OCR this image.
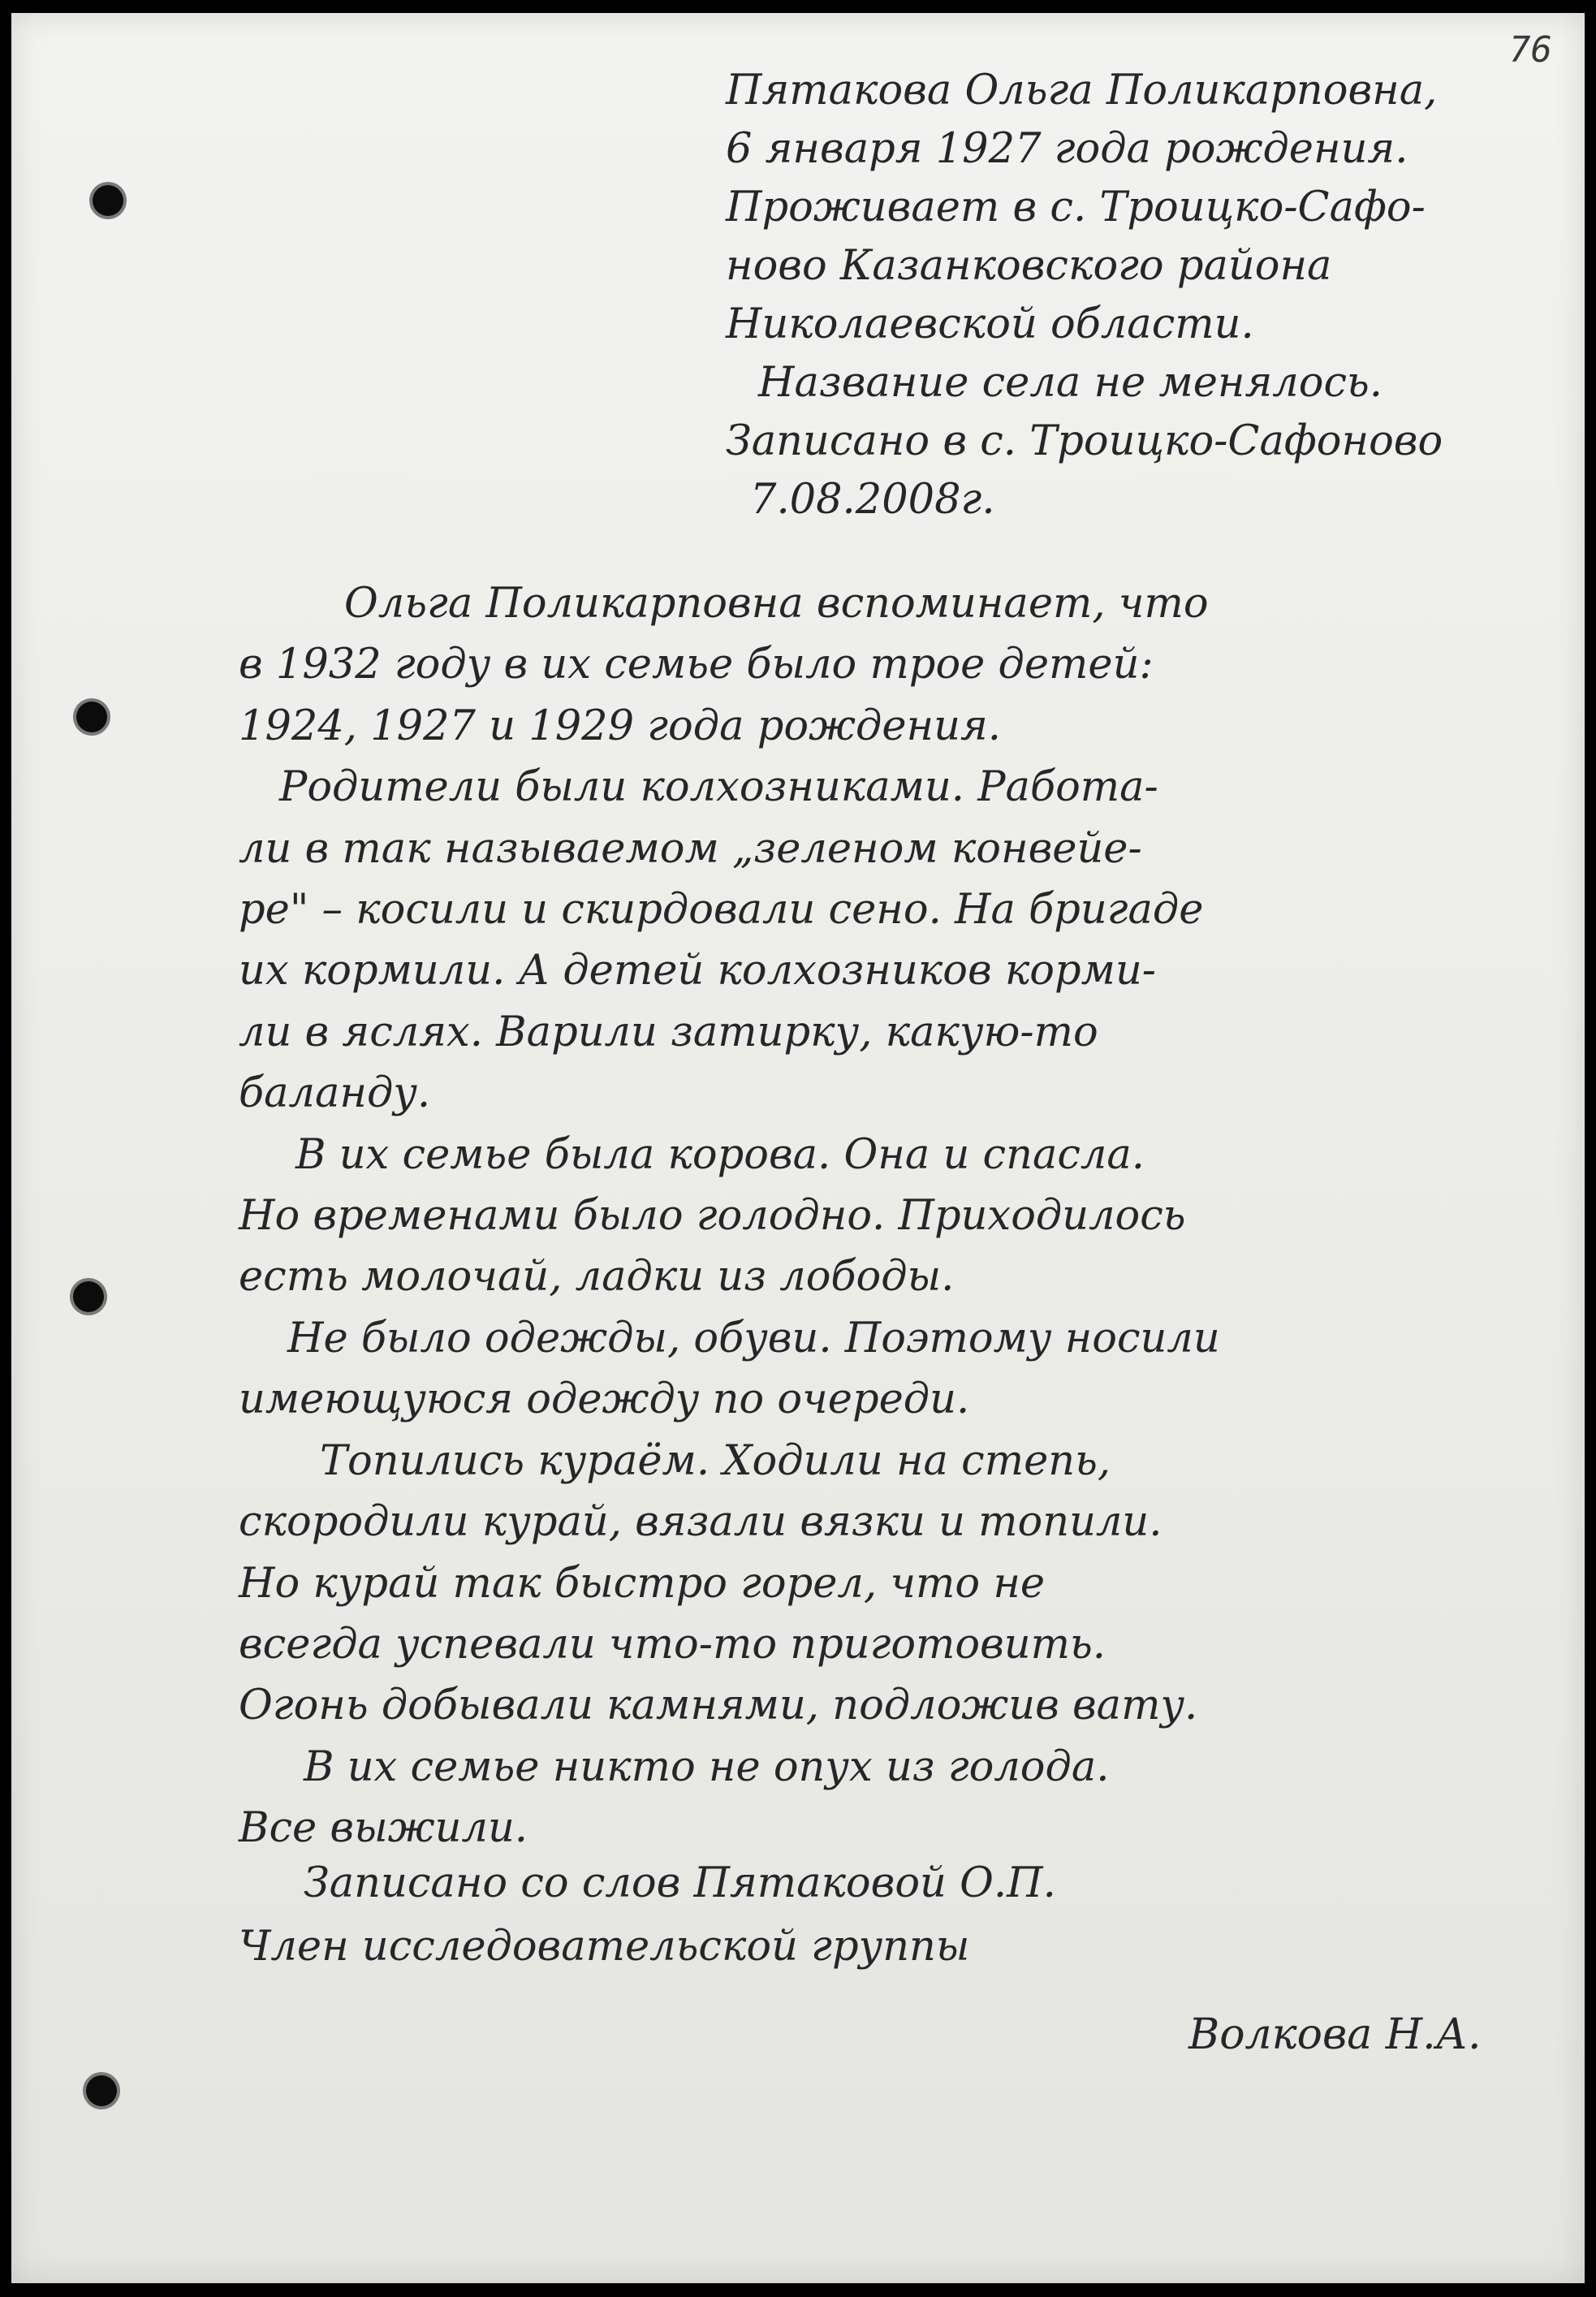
76
Пятакова Ольга Поликарповна,
6 января 1927 года рождения.
Проживает в с. Троицко-Сафо-
ново Казанковского района
Николаевской области.
Название села не менялось.
Записано в с. Троицко-Сафоново
7.08.2008г.
Ольга Поликарповна вспоминает, что
в 1932 году в их семье было трое детей:
1924, 1927 и 1929 года рождения.
Родители были колхозниками. Работа-
ли в так называемом „зеленом конвейе-
ре" – косили и скирдовали сено. На бригаде
их кормили. А детей колхозников корми-
ли в яслях. Варили затирку, какую-то
баланду.
В их семье была корова. Она и спасла.
Но временами было голодно. Приходилось
есть молочай, ладки из лободы.
Не было одежды, обуви. Поэтому носили
имеющуюся одежду по очереди.
Топились кураём. Ходили на степь,
скородили курай, вязали вязки и топили.
Но курай так быстро горел, что не
всегда успевали что-то приготовить.
Огонь добывали камнями, подложив вату.
В их семье никто не опух из голода.
Все выжили.
Записано со слов Пятаковой О.П.
Член исследовательской группы
Волкова Н.А.
